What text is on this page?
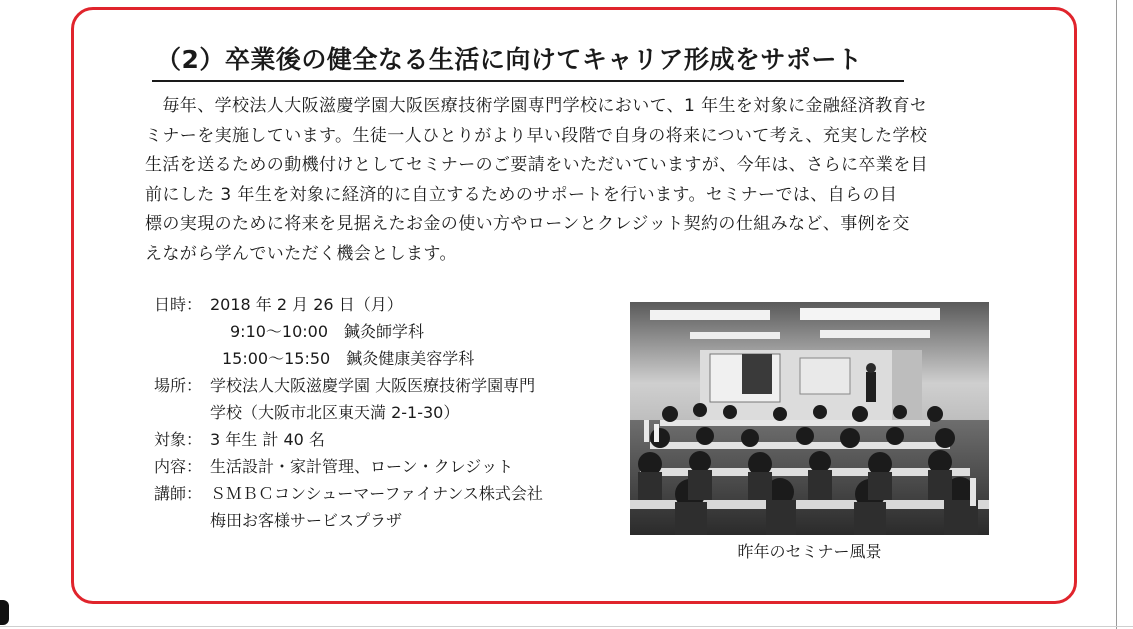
（2）卒業後の健全なる生活に向けてキャリア形成をサポート
　毎年、学校法人大阪滋慶学園大阪医療技術学園専門学校において、1 年生を対象に金融経済教育セ
ミナーを実施しています。生徒一人ひとりがより早い段階で自身の将来について考え、充実した学校
生活を送るための動機付けとしてセミナーのご要請をいただいていますが、今年は、さらに卒業を目
前にした 3 年生を対象に経済的に自立するためのサポートを行います。セミナーでは、自らの目
標の実現のために将来を見据えたお金の使い方やローンとクレジット契約の仕組みなど、事例を交
えながら学んでいただく機会とします。
日時： 2018 年 2 月 26 日（月）
9:10〜10:00　鍼灸師学科
15:00〜15:50　鍼灸健康美容学科
場所： 学校法人大阪滋慶学園 大阪医療技術学園専門
学校（大阪市北区東天満 2-1-30）
対象： 3 年生 計 40 名
内容： 生活設計・家計管理、ローン・クレジット
講師： ＳＭＢＣコンシューマーファイナンス株式会社
梅田お客様サービスプラザ
昨年のセミナー風景
